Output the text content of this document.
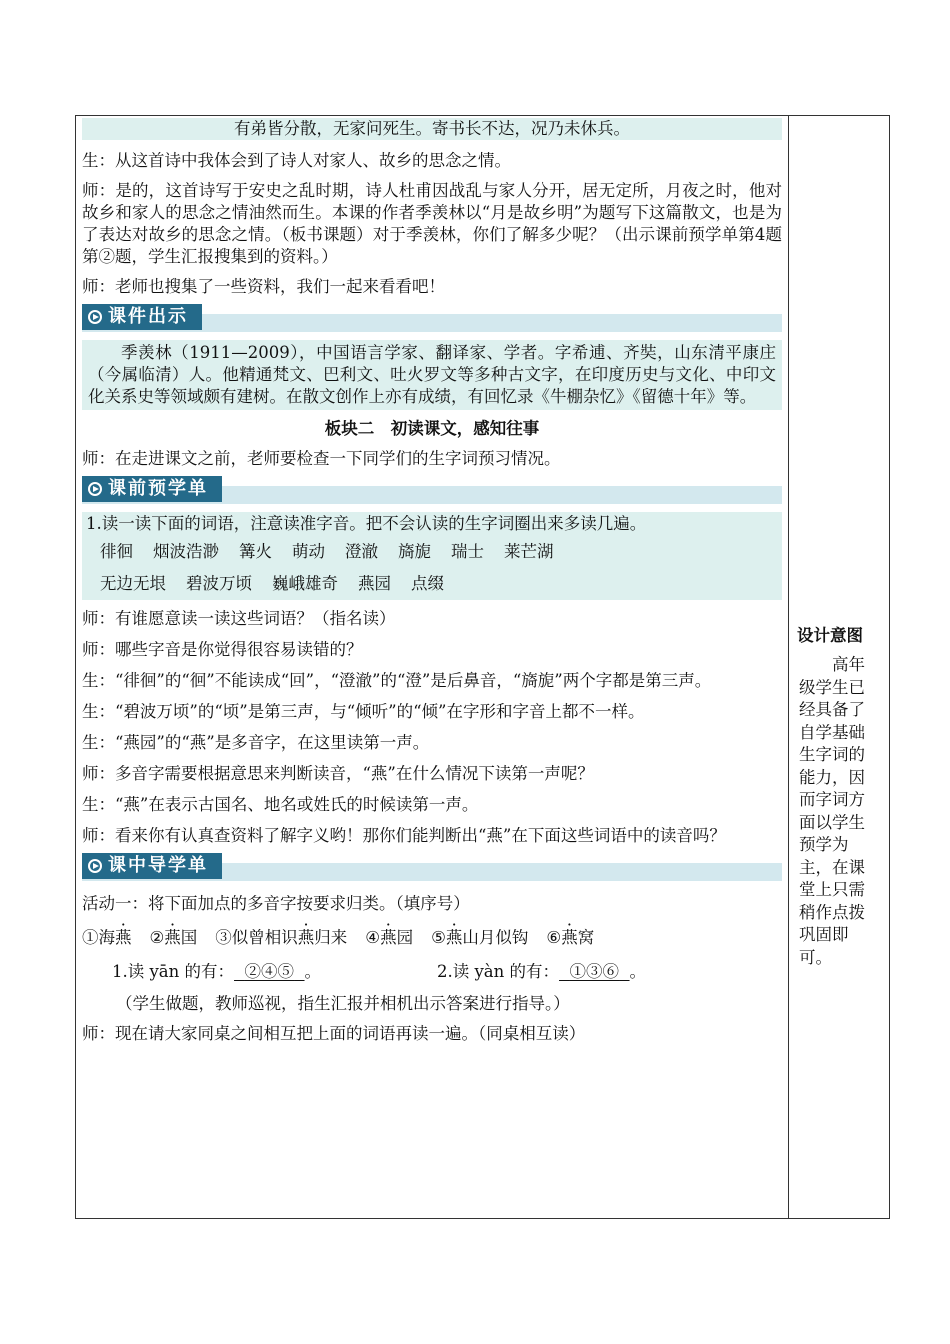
有弟皆分散，无家问死生。寄书长不达，况乃未休兵。

生：从这首诗中我体会到了诗人对家人、故乡的思念之情。

师：是的，这首诗写于安史之乱时期，诗人杜甫因战乱与家人分开，居无定所，月夜之时，他对故乡和家人的思念之情油然而生。本课的作者季羡林以“月是故乡明”为题写下这篇散文，也是为了表达对故乡的思念之情。（板书课题）对于季羡林，你们了解多少呢？（出示课前预学单第4题第②题，学生汇报搜集到的资料。）

师：老师也搜集了一些资料，我们一起来看看吧！

课件出示
季羡林（1911—2009），中国语言学家、翻译家、学者。字希逋、齐奘，山东清平康庄（今属临清）人。他精通梵文、巴利文、吐火罗文等多种古文字，在印度历史与文化、中印文化关系史等领域颇有建树。在散文创作上亦有成绩，有回忆录《牛棚杂忆》《留德十年》等。
板块二　初读课文，感知往事

师：在走进课文之前，老师要检查一下同学们的生字词预习情况。

课前预学单
1.读一读下面的词语，注意读准字音。把不会认读的生字词圈出来多读几遍。
徘徊 烟波浩渺 篝火 萌动 澄澈 旖旎 瑞士 莱芒湖
无边无垠 碧波万顷 巍峨雄奇 燕园 点缀

师：有谁愿意读一读这些词语？（指名读）

师：哪些字音是你觉得很容易读错的？

生：“徘徊”的“徊”不能读成“回”，“澄澈”的“澄”是后鼻音，“旖旎”两个字都是第三声。

生：“碧波万顷”的“顷”是第三声，与“倾听”的“倾”在字形和字音上都不一样。

生：“燕园”的“燕”是多音字，在这里读第一声。

师：多音字需要根据意思来判断读音，“燕”在什么情况下读第一声呢？

生：“燕”在表示古国名、地名或姓氏的时候读第一声。

师：看来你有认真查资料了解字义哟！那你们能判断出“燕”在下面这些词语中的读音吗？

课中导学单

活动一：将下面加点的多音字按要求归类。（填序号）

①海燕 ②燕国 ③似曾相识燕归来 ④燕园 ⑤燕山月似钩 ⑥燕窝
1.读 yān 的有： ②④⑤ 。	2.读 yàn 的有： ①③⑥ 。

（学生做题，教师巡视，指生汇报并相机出示答案进行指导。）

师：现在请大家同桌之间相互把上面的词语再读一遍。（同桌相互读）

设计意图
高年级学生已经具备了自学基础生字词的能力，因而字词方面以学生预学为主，在课堂上只需稍作点拨巩固即可。
